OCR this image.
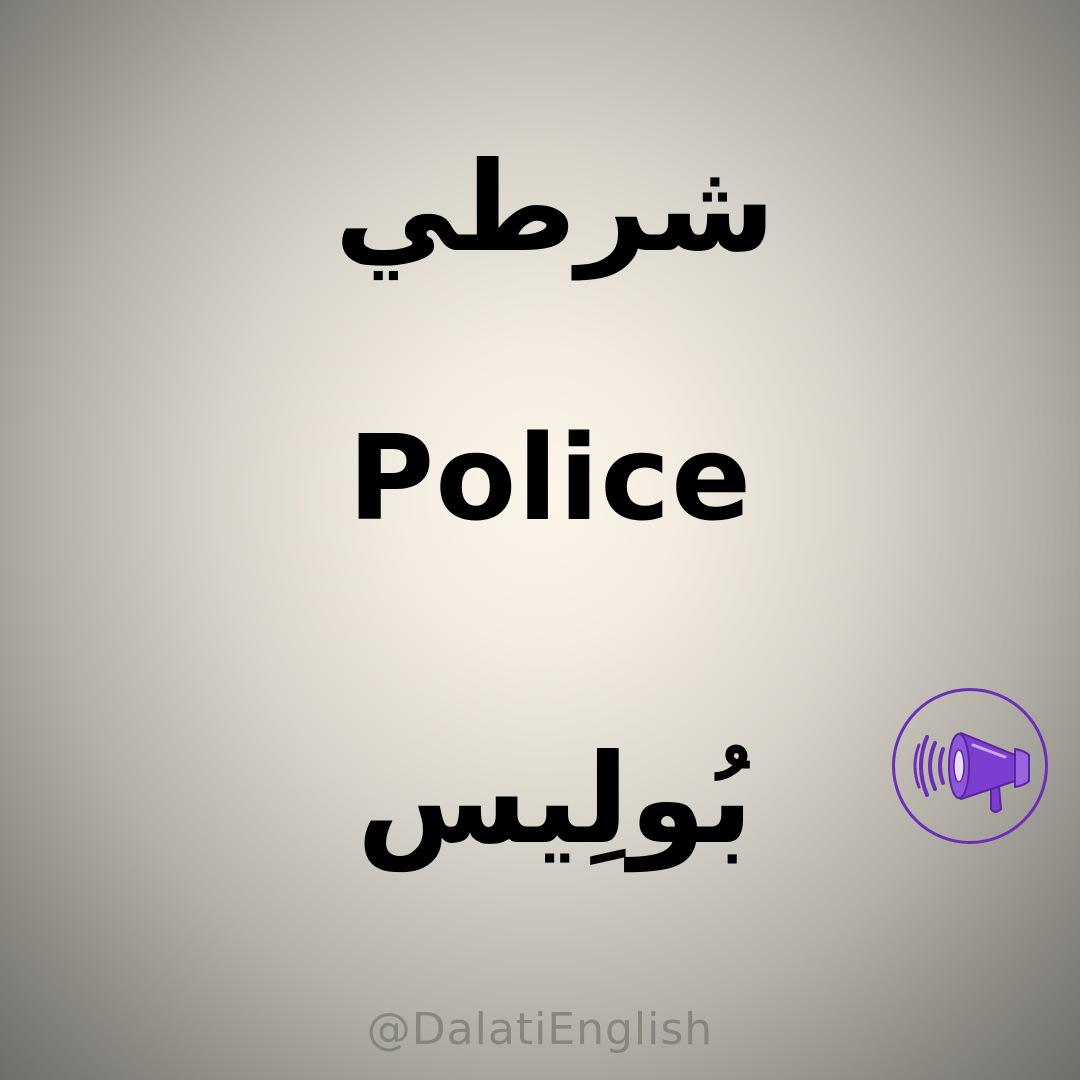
شرطي
Police
بُولِيس
@DalatiEnglish
